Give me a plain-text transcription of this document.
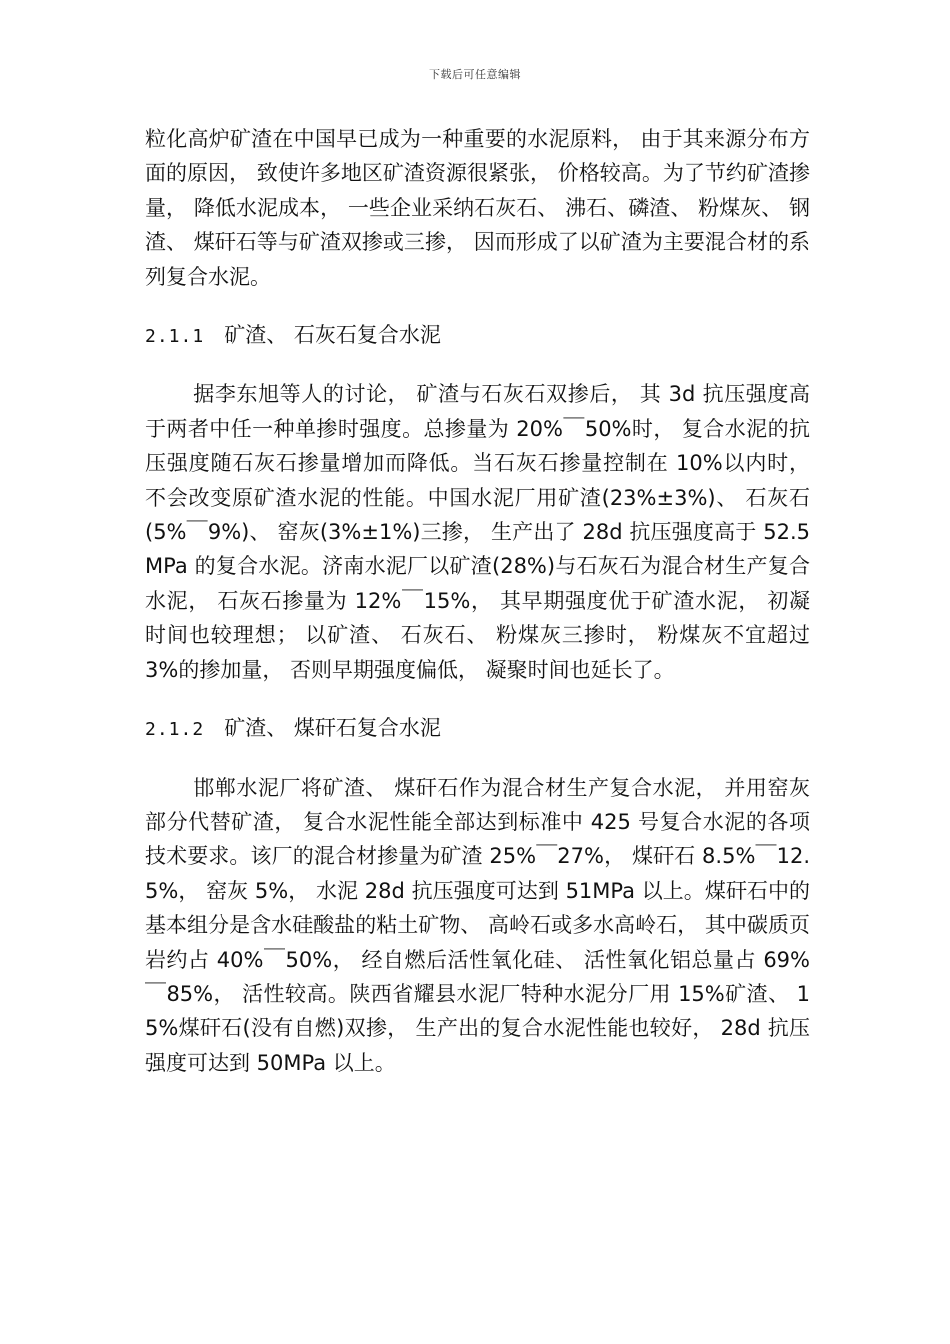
下载后可任意编辑

粒化高炉矿渣在中国早已成为一种重要的水泥原料， 由于其来源分布方面的原因， 致使许多地区矿渣资源很紧张， 价格较高。为了节约矿渣掺量， 降低水泥成本， 一些企业采纳石灰石、 沸石、磷渣、 粉煤灰、 钢渣、 煤矸石等与矿渣双掺或三掺， 因而形成了以矿渣为主要混合材的系列复合水泥。

2.1.1 矿渣、 石灰石复合水泥

据李东旭等人的讨论， 矿渣与石灰石双掺后， 其 3d 抗压强度高于两者中任一种单掺时强度。总掺量为 20%￣50%时， 复合水泥的抗压强度随石灰石掺量增加而降低。当石灰石掺量控制在 10%以内时， 不会改变原矿渣水泥的性能。中国水泥厂用矿渣(23%±3%)、 石灰石(5%￣9%)、 窑灰(3%±1%)三掺， 生产出了 28d 抗压强度高于 52.5MPa 的复合水泥。济南水泥厂以矿渣(28%)与石灰石为混合材生产复合水泥， 石灰石掺量为 12%￣15%， 其早期强度优于矿渣水泥， 初凝时间也较理想； 以矿渣、 石灰石、 粉煤灰三掺时， 粉煤灰不宜超过 3%的掺加量， 否则早期强度偏低， 凝聚时间也延长了。

2.1.2 矿渣、 煤矸石复合水泥

邯郸水泥厂将矿渣、 煤矸石作为混合材生产复合水泥， 并用窑灰部分代替矿渣， 复合水泥性能全部达到标准中 425 号复合水泥的各项技术要求。该厂的混合材掺量为矿渣 25%￣27%， 煤矸石 8.5%￣12.5%， 窑灰 5%， 水泥 28d 抗压强度可达到 51MPa 以上。煤矸石中的基本组分是含水硅酸盐的粘土矿物、 高岭石或多水高岭石， 其中碳质页岩约占 40%￣50%， 经自燃后活性氧化硅、 活性氧化铝总量占 69%￣85%， 活性较高。陕西省耀县水泥厂特种水泥分厂用 15%矿渣、 15%煤矸石(没有自燃)双掺， 生产出的复合水泥性能也较好， 28d 抗压强度可达到 50MPa 以上。
